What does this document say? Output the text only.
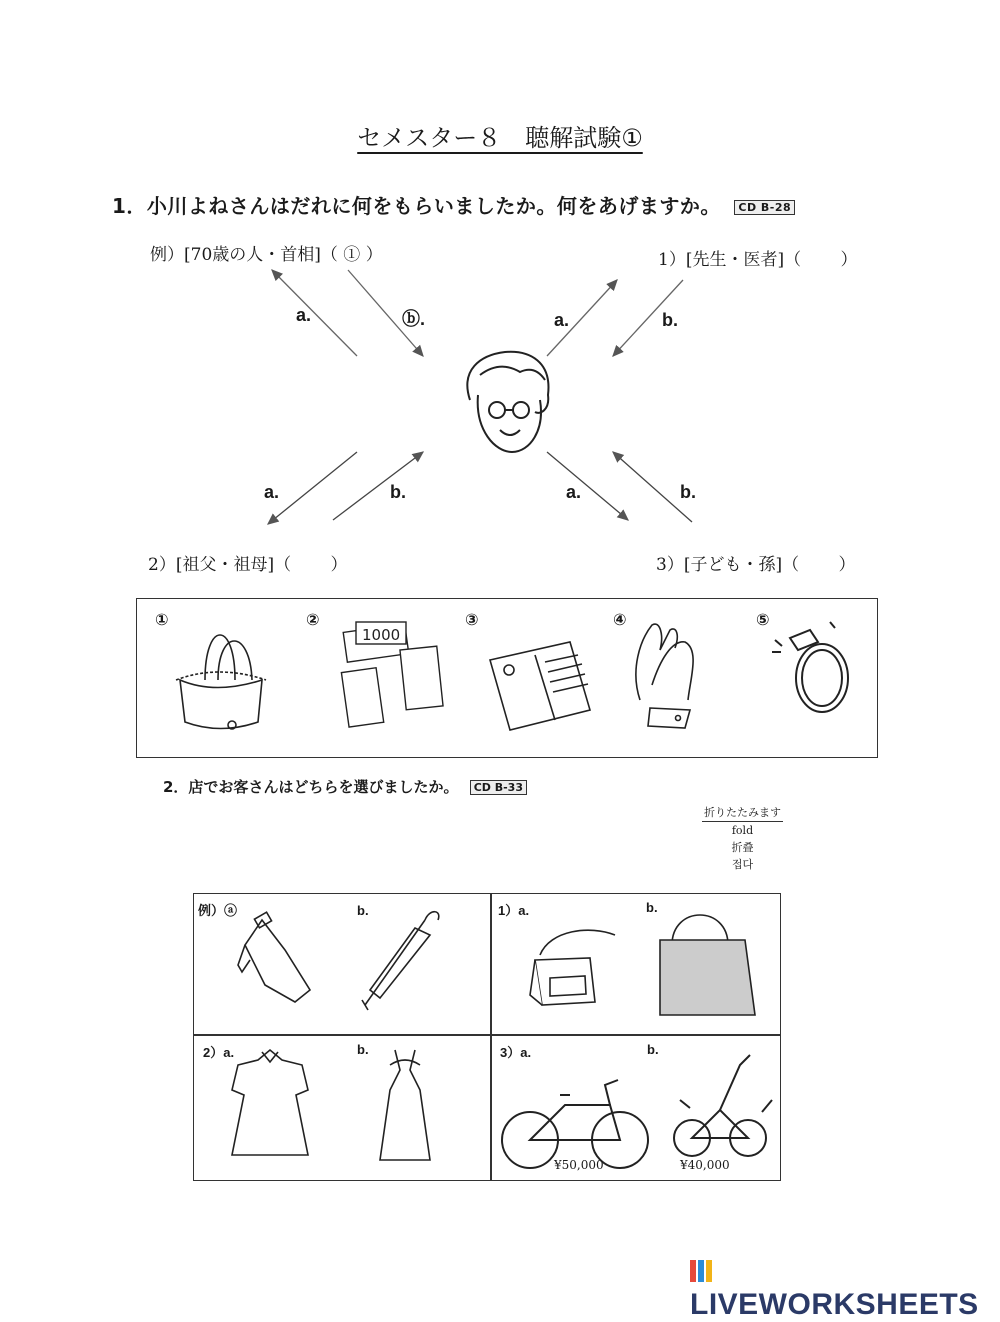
セメスター８　聴解試験①
1．小川よねさんはだれに何をもらいましたか。何をあげますか。 CD B-28
例）[70歳の人・首相]（ ① ）	1）[先生・医者]（　　 ）
2）[祖父・祖母]（　　 ）	3）[子ども・孫]（　　 ）
a.	ⓑ.	a.	b.
a.	b.	a.	b.
①	②	③	④	⑤
1000
2．店でお客さんはどちらを選びましたか。 CD B-33
折りたたみます
fold
折叠
접다
例）ⓐ	b.	1）a.	b.
2）a.	b.	3）a.	b.
¥50,000	¥40,000
LIVEWORKSHEETS
